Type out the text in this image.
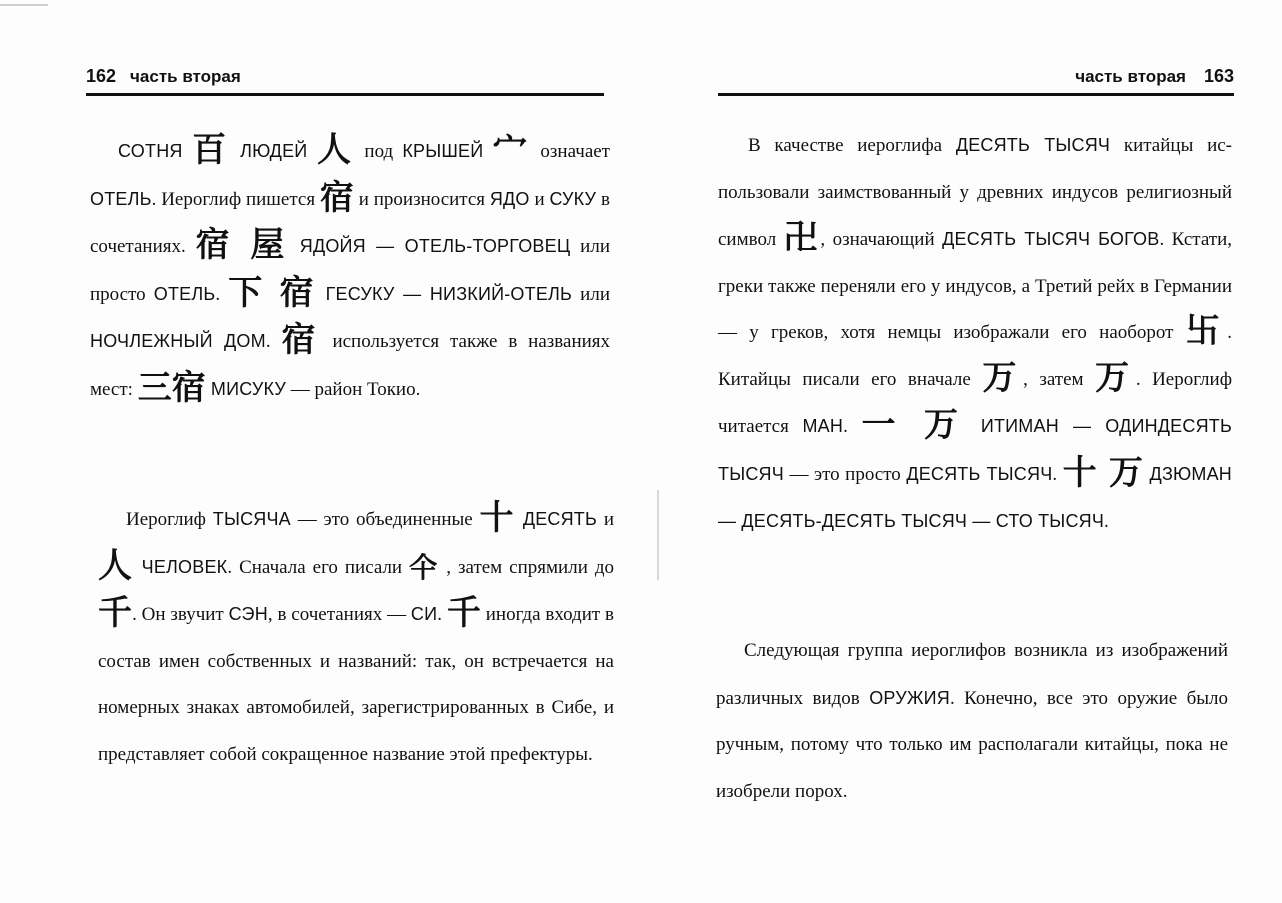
162 часть вторая
СОТНЯ 百 ЛЮДЕЙ 人 под КРЫШЕЙ 宀 означает ОТЕЛЬ. Иероглиф пишется 宿 и произносится ЯДО и СУКУ в сочетаниях. 宿 屋 ЯДОЙЯ — ОТЕЛЬ-ТОРГОВЕЦ или просто ОТЕЛЬ. 下 宿 ГЕСУКУ — НИЗКИЙ-ОТЕЛЬ или НОЧЛЕЖНЫЙ ДОМ. 宿 используется также в названиях мест: 三宿 МИСУКУ — район Токио.
Иероглиф ТЫСЯЧА — это объединенные 十 ДЕСЯТЬ и 人 ЧЕЛОВЕК. Сначала его писали 仐 , затем спрямили до 千. Он звучит СЭН, в сочетаниях — СИ. 千 иногда входит в состав имен собственных и названий: так, он встречается на номерных знаках автомобилей, зарегистрированных в Сибе, и представляет собой сокращенное название этой префектуры.
часть вторая 163
В качестве иероглифа ДЕСЯТЬ ТЫСЯЧ китайцы использовали заимствованный у древних индусов религиозный символ 卍, означающий ДЕСЯТЬ ТЫСЯЧ БОГОВ. Кстати, греки также переняли его у индусов, а Третий рейх в Германии — у греков, хотя немцы изображали его наоборот 卐. Китайцы писали его вначале 万, затем 万. Иероглиф читается МАН. 一 万 ИТИМАН — ОДИНДЕСЯТЬ ТЫСЯЧ — это просто ДЕСЯТЬ ТЫСЯЧ. 十 万 ДЗЮМАН — ДЕСЯТЬ-ДЕСЯТЬ ТЫСЯЧ — СТО ТЫСЯЧ.
Следующая группа иероглифов возникла из изображений различных видов ОРУЖИЯ. Конечно, все это оружие было ручным, потому что только им располагали китайцы, пока не изобрели порох.
